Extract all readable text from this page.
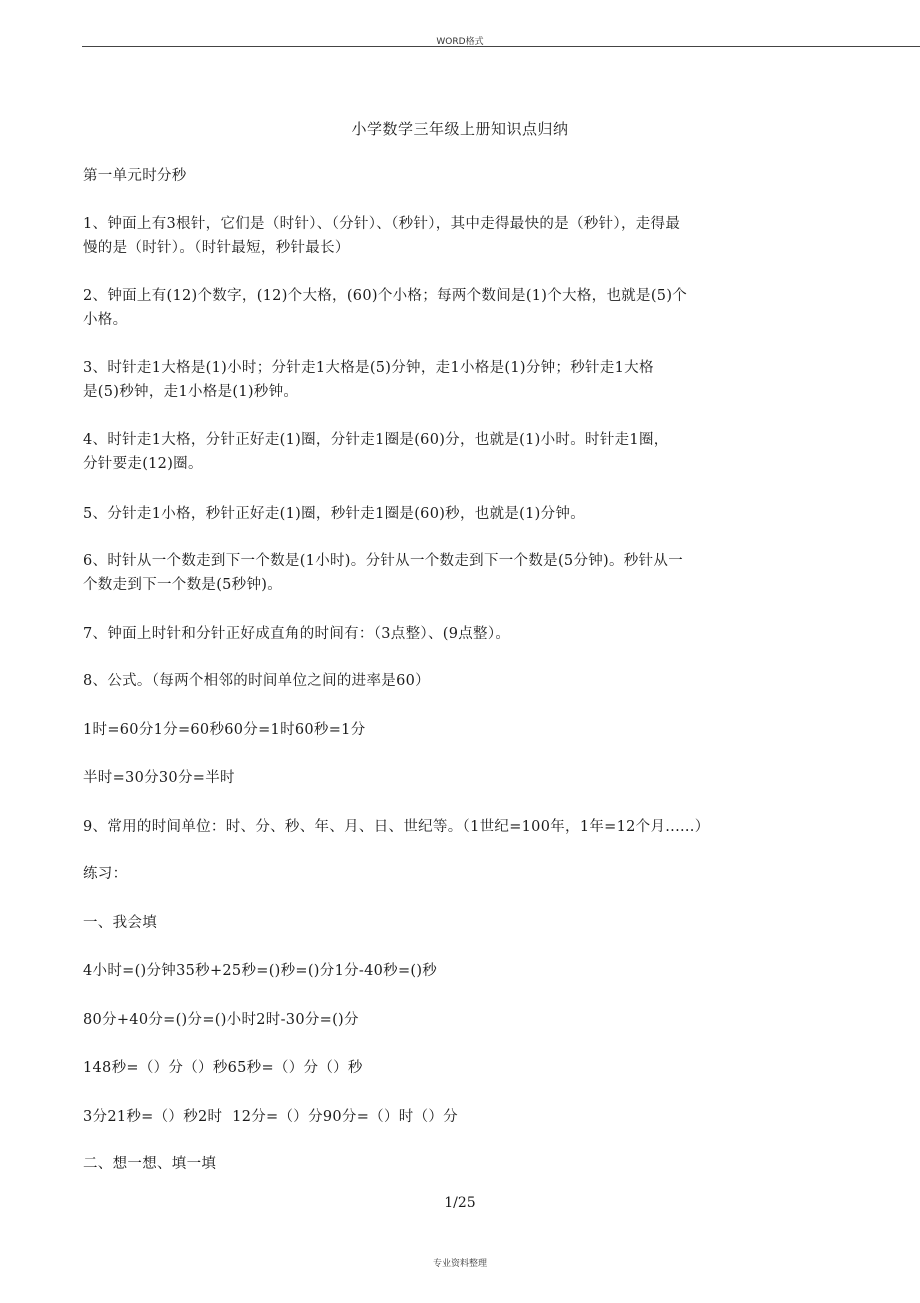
WORD格式
小学数学三年级上册知识点归纳
第一单元时分秒
1、钟面上有3根针，它们是（时针）、（分针）、（秒针），其中走得最快的是（秒针），走得最
慢的是（时针）。（时针最短，秒针最长）
2、钟面上有(12)个数字，(12)个大格，(60)个小格；每两个数间是(1)个大格，也就是(5)个
小格。
3、时针走1大格是(1)小时；分针走1大格是(5)分钟，走1小格是(1)分钟；秒针走1大格
是(5)秒钟，走1小格是(1)秒钟。
4、时针走1大格，分针正好走(1)圈，分针走1圈是(60)分，也就是(1)小时。时针走1圈，
分针要走(12)圈。
5、分针走1小格，秒针正好走(1)圈，秒针走1圈是(60)秒，也就是(1)分钟。
6、时针从一个数走到下一个数是(1小时)。分针从一个数走到下一个数是(5分钟)。秒针从一
个数走到下一个数是(5秒钟)。
7、钟面上时针和分针正好成直角的时间有：（3点整）、(9点整）。
8、公式。（每两个相邻的时间单位之间的进率是60）
1时=60分1分=60秒60分=1时60秒=1分
半时=30分30分=半时
9、常用的时间单位：时、分、秒、年、月、日、世纪等。（1世纪=100年，1年=12个月......）
练习：
一、我会填
4小时=()分钟35秒+25秒=()秒=()分1分-40秒=()秒
80分+40分=()分=()小时2时-30分=()分
148秒=（）分（）秒65秒=（）分（）秒
3分21秒=（）秒2时  12分=（）分90分=（）时（）分
二、想一想、填一填
1/25
专业资料整理
